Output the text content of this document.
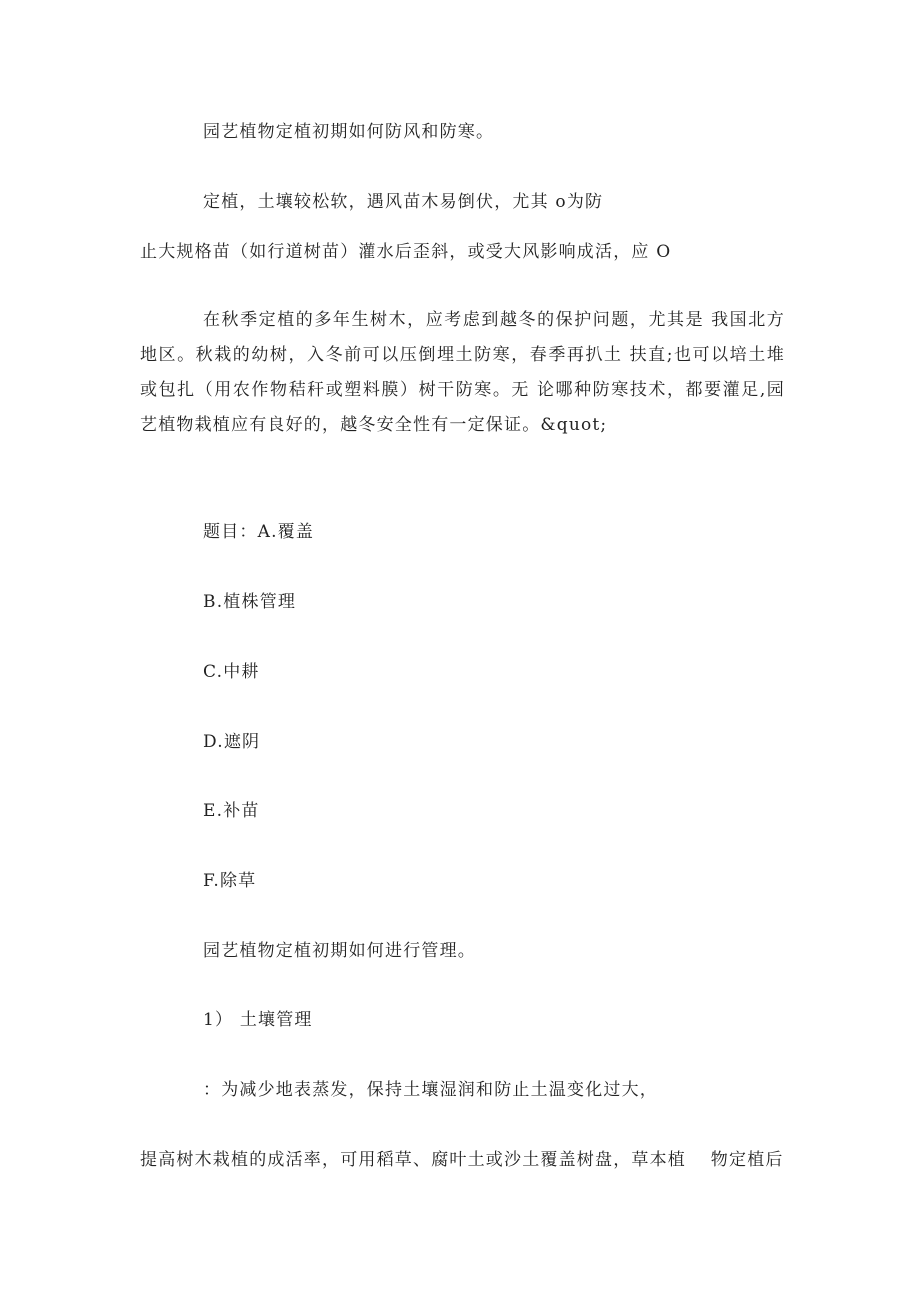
园艺植物定植初期如何防风和防寒。
定植，土壤较松软，遇风苗木易倒伏，尤其 o为防
止大规格苗（如行道树苗）灌水后歪斜，或受大风影响成活，应 O
在秋季定植的多年生树木，应考虑到越冬的保护问题，尤其是 我国北方地区。秋栽的幼树，入冬前可以压倒埋土防寒，春季再扒土 扶直;也可以培土堆或包扎（用农作物秸秆或塑料膜）树干防寒。无 论哪种防寒技术，都要灌足,园艺植物栽植应有良好的，越冬安全性有一定保证。&quot;
题目：A.覆盖
B.植株管理
C.中耕
D.遮阴
E.补苗
F.除草
园艺植物定植初期如何进行管理。
1） 土壤管理
：为减少地表蒸发，保持土壤湿润和防止土温变化过大，
提高树木栽植的成活率，可用稻草、腐叶土或沙土覆盖树盘，草本植　 物定植后
